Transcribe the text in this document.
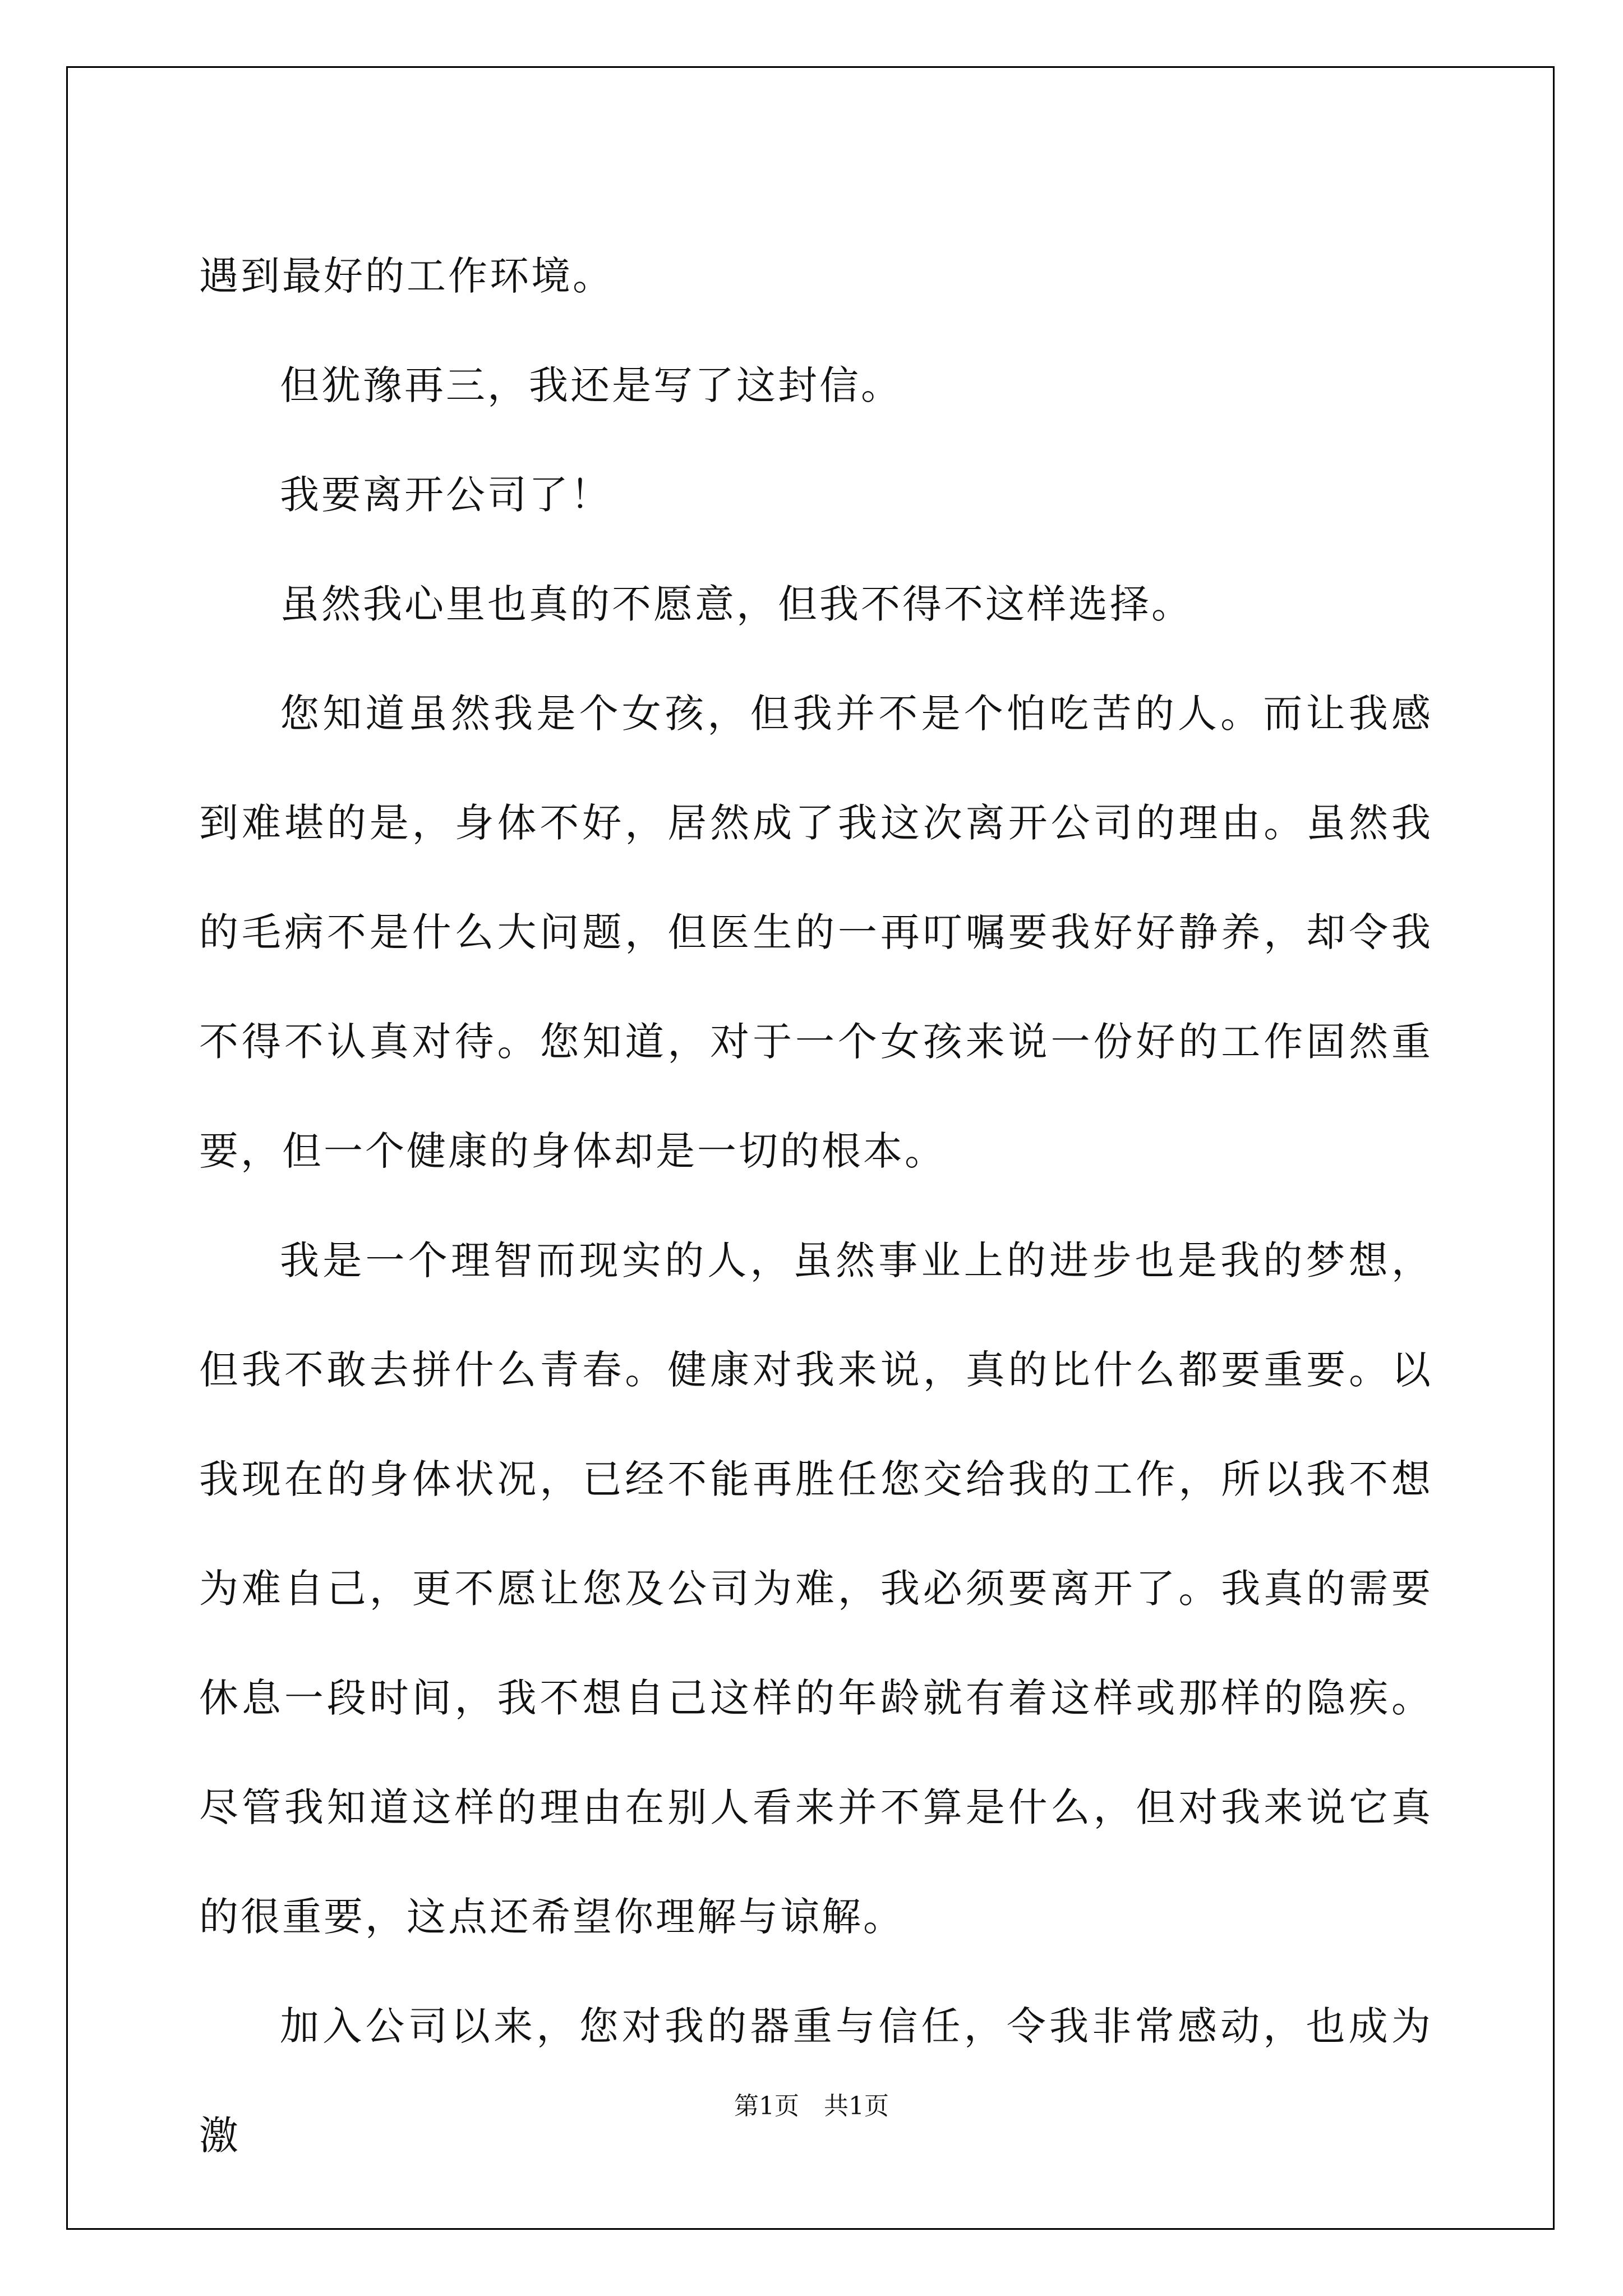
遇到最好的工作环境。

但犹豫再三，我还是写了这封信。

我要离开公司了！

虽然我心里也真的不愿意，但我不得不这样选择。

您知道虽然我是个女孩，但我并不是个怕吃苦的人。而让我感到难堪的是，身体不好，居然成了我这次离开公司的理由。虽然我的毛病不是什么大问题，但医生的一再叮嘱要我好好静养，却令我不得不认真对待。您知道，对于一个女孩来说一份好的工作固然重要，但一个健康的身体却是一切的根本。

我是一个理智而现实的人，虽然事业上的进步也是我的梦想，但我不敢去拼什么青春。健康对我来说，真的比什么都要重要。以我现在的身体状况，已经不能再胜任您交给我的工作，所以我不想为难自己，更不愿让您及公司为难，我必须要离开了。我真的需要休息一段时间，我不想自己这样的年龄就有着这样或那样的隐疾。尽管我知道这样的理由在别人看来并不算是什么，但对我来说它真的很重要，这点还希望你理解与谅解。

加入公司以来，您对我的器重与信任，令我非常感动，也成为激

第1页　共1页
